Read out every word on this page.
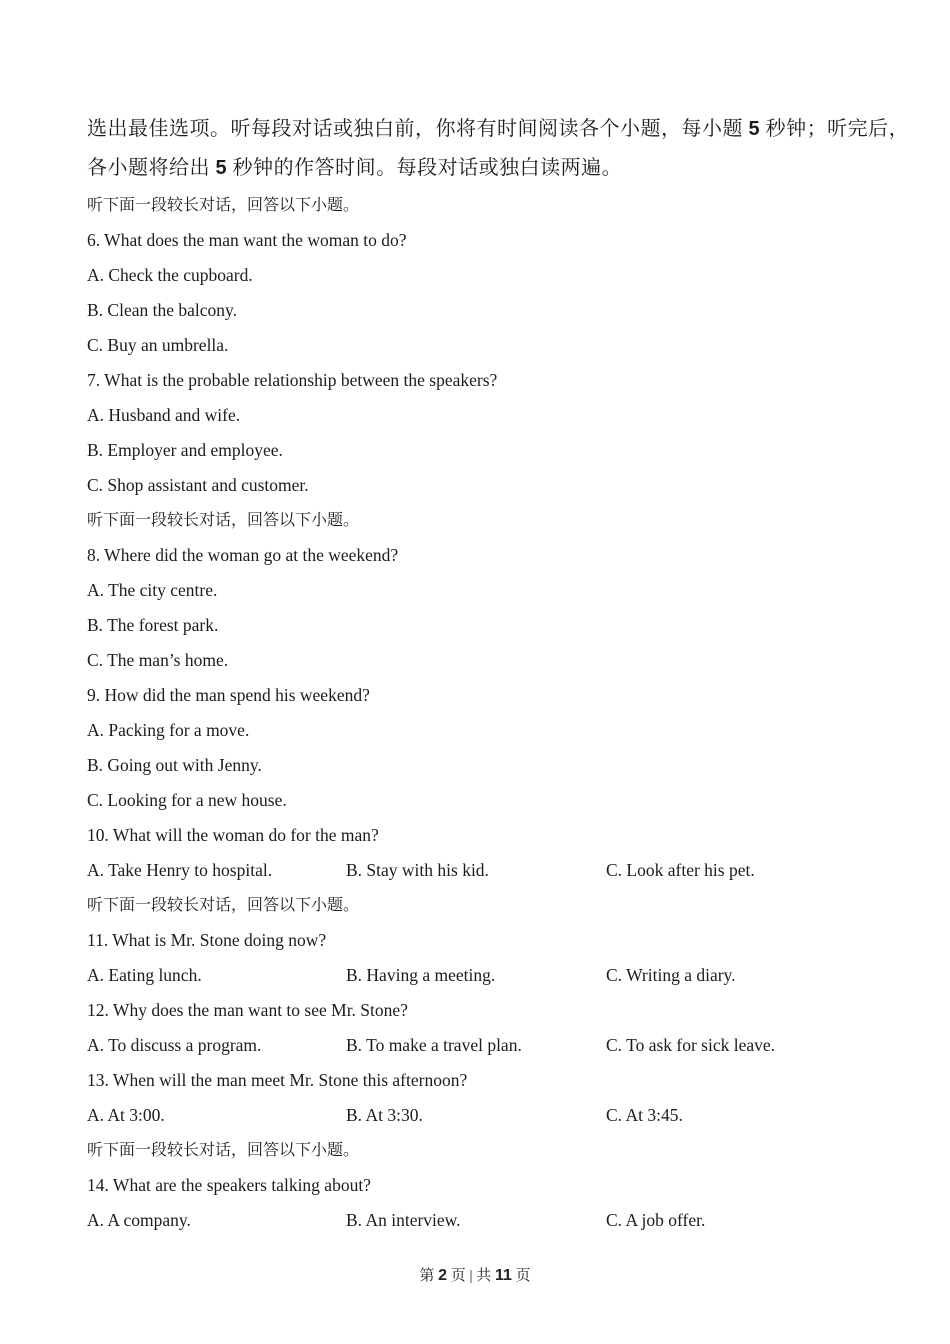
选出最佳选项。听每段对话或独白前，你将有时间阅读各个小题，每小题 5 秒钟；听完后，
各小题将给出 5 秒钟的作答时间。每段对话或独白读两遍。
听下面一段较长对话，回答以下小题。
6. What does the man want the woman to do?
A. Check the cupboard.
B. Clean the balcony.
C. Buy an umbrella.
7. What is the probable relationship between the speakers?
A. Husband and wife.
B. Employer and employee.
C. Shop assistant and customer.
听下面一段较长对话，回答以下小题。
8. Where did the woman go at the weekend?
A. The city centre.
B. The forest park.
C. The man’s home.
9. How did the man spend his weekend?
A. Packing for a move.
B. Going out with Jenny.
C. Looking for a new house.
10. What will the woman do for the man?
A. Take Henry to hospital.	B. Stay with his kid.	C. Look after his pet.
听下面一段较长对话，回答以下小题。
11. What is Mr. Stone doing now?
A. Eating lunch.	B. Having a meeting.	C. Writing a diary.
12. Why does the man want to see Mr. Stone?
A. To discuss a program.	B. To make a travel plan.	C. To ask for sick leave.
13. When will the man meet Mr. Stone this afternoon?
A. At 3:00.	B. At 3:30.	C. At 3:45.
听下面一段较长对话，回答以下小题。
14. What are the speakers talking about?
A. A company.	B. An interview.	C. A job offer.
第 2 页 | 共 11 页
